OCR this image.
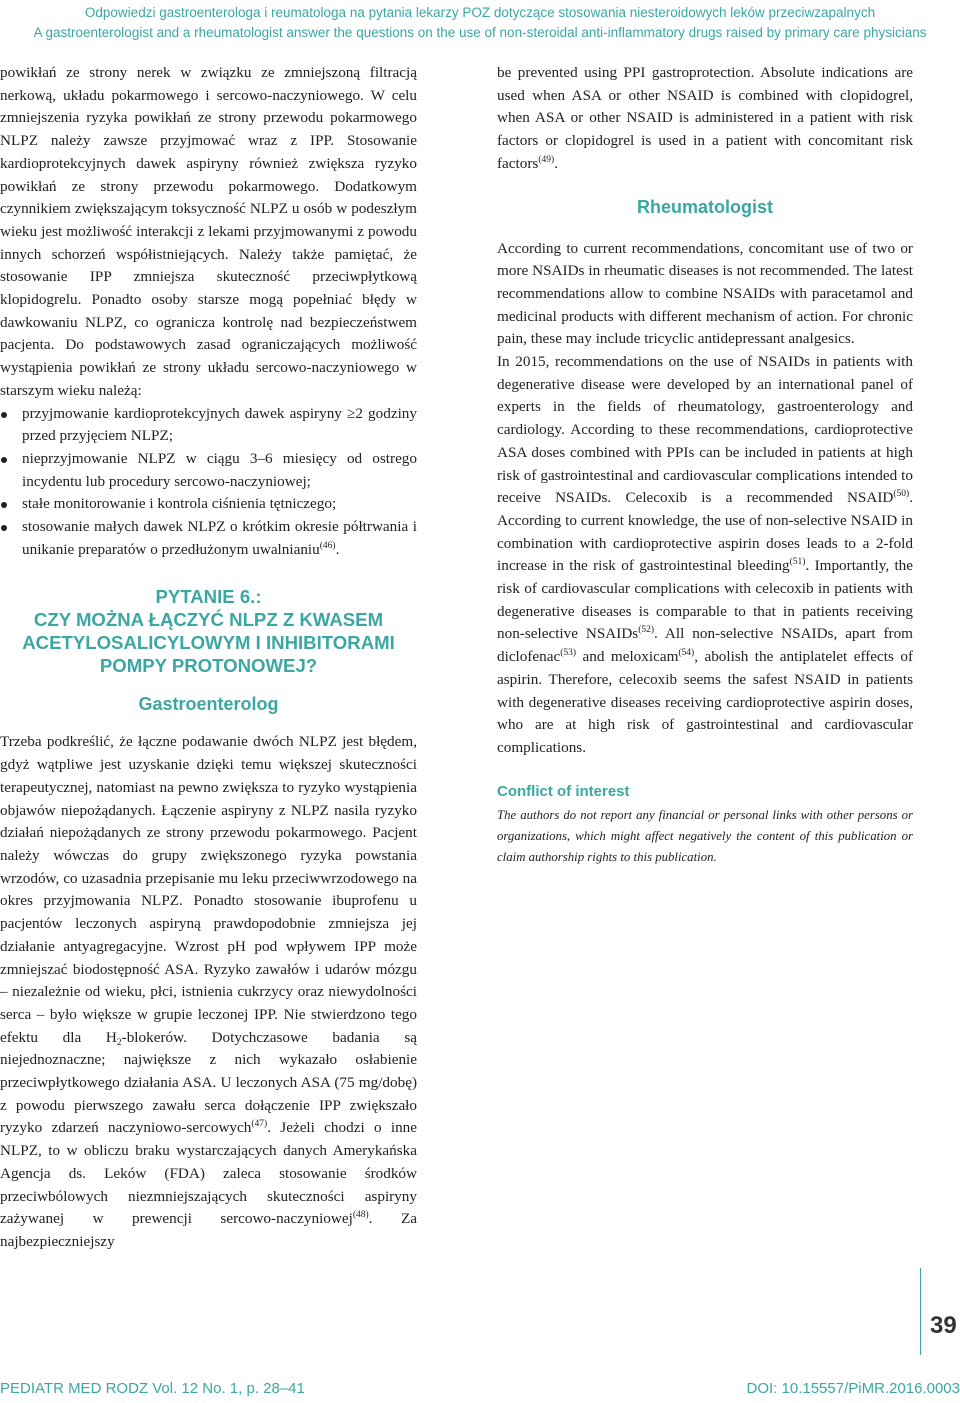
Odpowiedzi gastroenterologa i reumatologa na pytania lekarzy POZ dotyczące stosowania niesteroidowych leków przeciwzapalnych
A gastroenterologist and a rheumatologist answer the questions on the use of non-steroidal anti-inflammatory drugs raised by primary care physicians

powikłań ze strony nerek w związku ze zmniejszoną filtracją nerkową, układu pokarmowego i sercowo-naczyniowego. W celu zmniejszenia ryzyka powikłań ze strony przewodu pokarmowego NLPZ należy zawsze przyjmować wraz z IPP. Stosowanie kardioprotekcyjnych dawek aspiryny również zwiększa ryzyko powikłań ze strony przewodu pokarmowego. Dodatkowym czynnikiem zwiększającym toksyczność NLPZ u osób w podeszłym wieku jest możliwość interakcji z lekami przyjmowanymi z powodu innych schorzeń współistniejących. Należy także pamiętać, że stosowanie IPP zmniejsza skuteczność przeciwpłytkową klopidogrelu. Ponadto osoby starsze mogą popełniać błędy w dawkowaniu NLPZ, co ogranicza kontrolę nad bezpieczeństwem pacjenta. Do podstawowych zasad ograniczających możliwość wystąpienia powikłań ze strony układu sercowo-naczyniowego w starszym wieku należą:

przyjmowanie kardioprotekcyjnych dawek aspiryny ≥2 godziny przed przyjęciem NLPZ;
nieprzyjmowanie NLPZ w ciągu 3–6 miesięcy od ostrego incydentu lub procedury sercowo-naczyniowej;
stałe monitorowanie i kontrola ciśnienia tętniczego;
stosowanie małych dawek NLPZ o krótkim okresie półtrwania i unikanie preparatów o przedłużonym uwalnianiu$^{(46)}$.
PYTANIE 6.:
CZY MOŻNA ŁĄCZYĆ NLPZ Z KWASEM
ACETYLOSALICYLOWYM I INHIBITORAMI
POMPY PROTONOWEJ?
Gastroenterolog

Trzeba podkreślić, że łączne podawanie dwóch NLPZ jest błędem, gdyż wątpliwe jest uzyskanie dzięki temu większej skuteczności terapeutycznej, natomiast na pewno zwiększa to ryzyko wystąpienia objawów niepożądanych. Łączenie aspiryny z NLPZ nasila ryzyko działań niepożądanych ze strony przewodu pokarmowego. Pacjent należy wówczas do grupy zwiększonego ryzyka powstania wrzodów, co uzasadnia przepisanie mu leku przeciwwrzodowego na okres przyjmowania NLPZ. Ponadto stosowanie ibuprofenu u pacjentów leczonych aspiryną prawdopodobnie zmniejsza jej działanie antyagregacyjne. Wzrost pH pod wpływem IPP może zmniejszać biodostępność ASA. Ryzyko zawałów i udarów mózgu – niezależnie od wieku, płci, istnienia cukrzycy oraz niewydolności serca – było większe w grupie leczonej IPP. Nie stwierdzono tego efektu dla $H_2$-blokerów. Dotychczasowe badania są niejednoznaczne; największe z nich wykazało osłabienie przeciwpłytkowego działania ASA. U leczonych ASA (75 mg/dobę) z powodu pierwszego zawału serca dołączenie IPP zwiększało ryzyko zdarzeń naczyniowo-sercowych$^{(47)}$. Jeżeli chodzi o inne NLPZ, to w obliczu braku wystarczających danych Amerykańska Agencja ds. Leków (FDA) zaleca stosowanie środków przeciwbólowych niezmniejszających skuteczności aspiryny zażywanej w prewencji sercowo-naczyniowej$^{(48)}$. Za najbezpieczniejszy

be prevented using PPI gastroprotection. Absolute indications are used when ASA or other NSAID is combined with clopidogrel, when ASA or other NSAID is administered in a patient with risk factors or clopidogrel is used in a patient with concomitant risk factors$^{(49)}$.

Rheumatologist

According to current recommendations, concomitant use of two or more NSAIDs in rheumatic diseases is not recommended. The latest recommendations allow to combine NSAIDs with paracetamol and medicinal products with different mechanism of action. For chronic pain, these may include tricyclic antidepressant analgesics.

In 2015, recommendations on the use of NSAIDs in patients with degenerative disease were developed by an international panel of experts in the fields of rheumatology, gastroenterology and cardiology. According to these recommendations, cardioprotective ASA doses combined with PPIs can be included in patients at high risk of gastrointestinal and cardiovascular complications intended to receive NSAIDs. Celecoxib is a recommended NSAID$^{(50)}$. According to current knowledge, the use of non-selective NSAID in combination with cardioprotective aspirin doses leads to a 2-fold increase in the risk of gastrointestinal bleeding$^{(51)}$. Importantly, the risk of cardiovascular complications with celecoxib in patients with degenerative diseases is comparable to that in patients receiving non-selective NSAIDs$^{(52)}$. All non-selective NSAIDs, apart from diclofenac$^{(53)}$ and meloxicam$^{(54)}$, abolish the antiplatelet effects of aspirin. Therefore, celecoxib seems the safest NSAID in patients with degenerative diseases receiving cardioprotective aspirin doses, who are at high risk of gastrointestinal and cardiovascular complications.

Conflict of interest
The authors do not report any financial or personal links with other persons or organizations, which might affect negatively the content of this publication or claim authorship rights to this publication.
39
PEDIATR MED RODZ Vol. 12 No. 1, p. 28–41	DOI: 10.15557/PiMR.2016.0003
